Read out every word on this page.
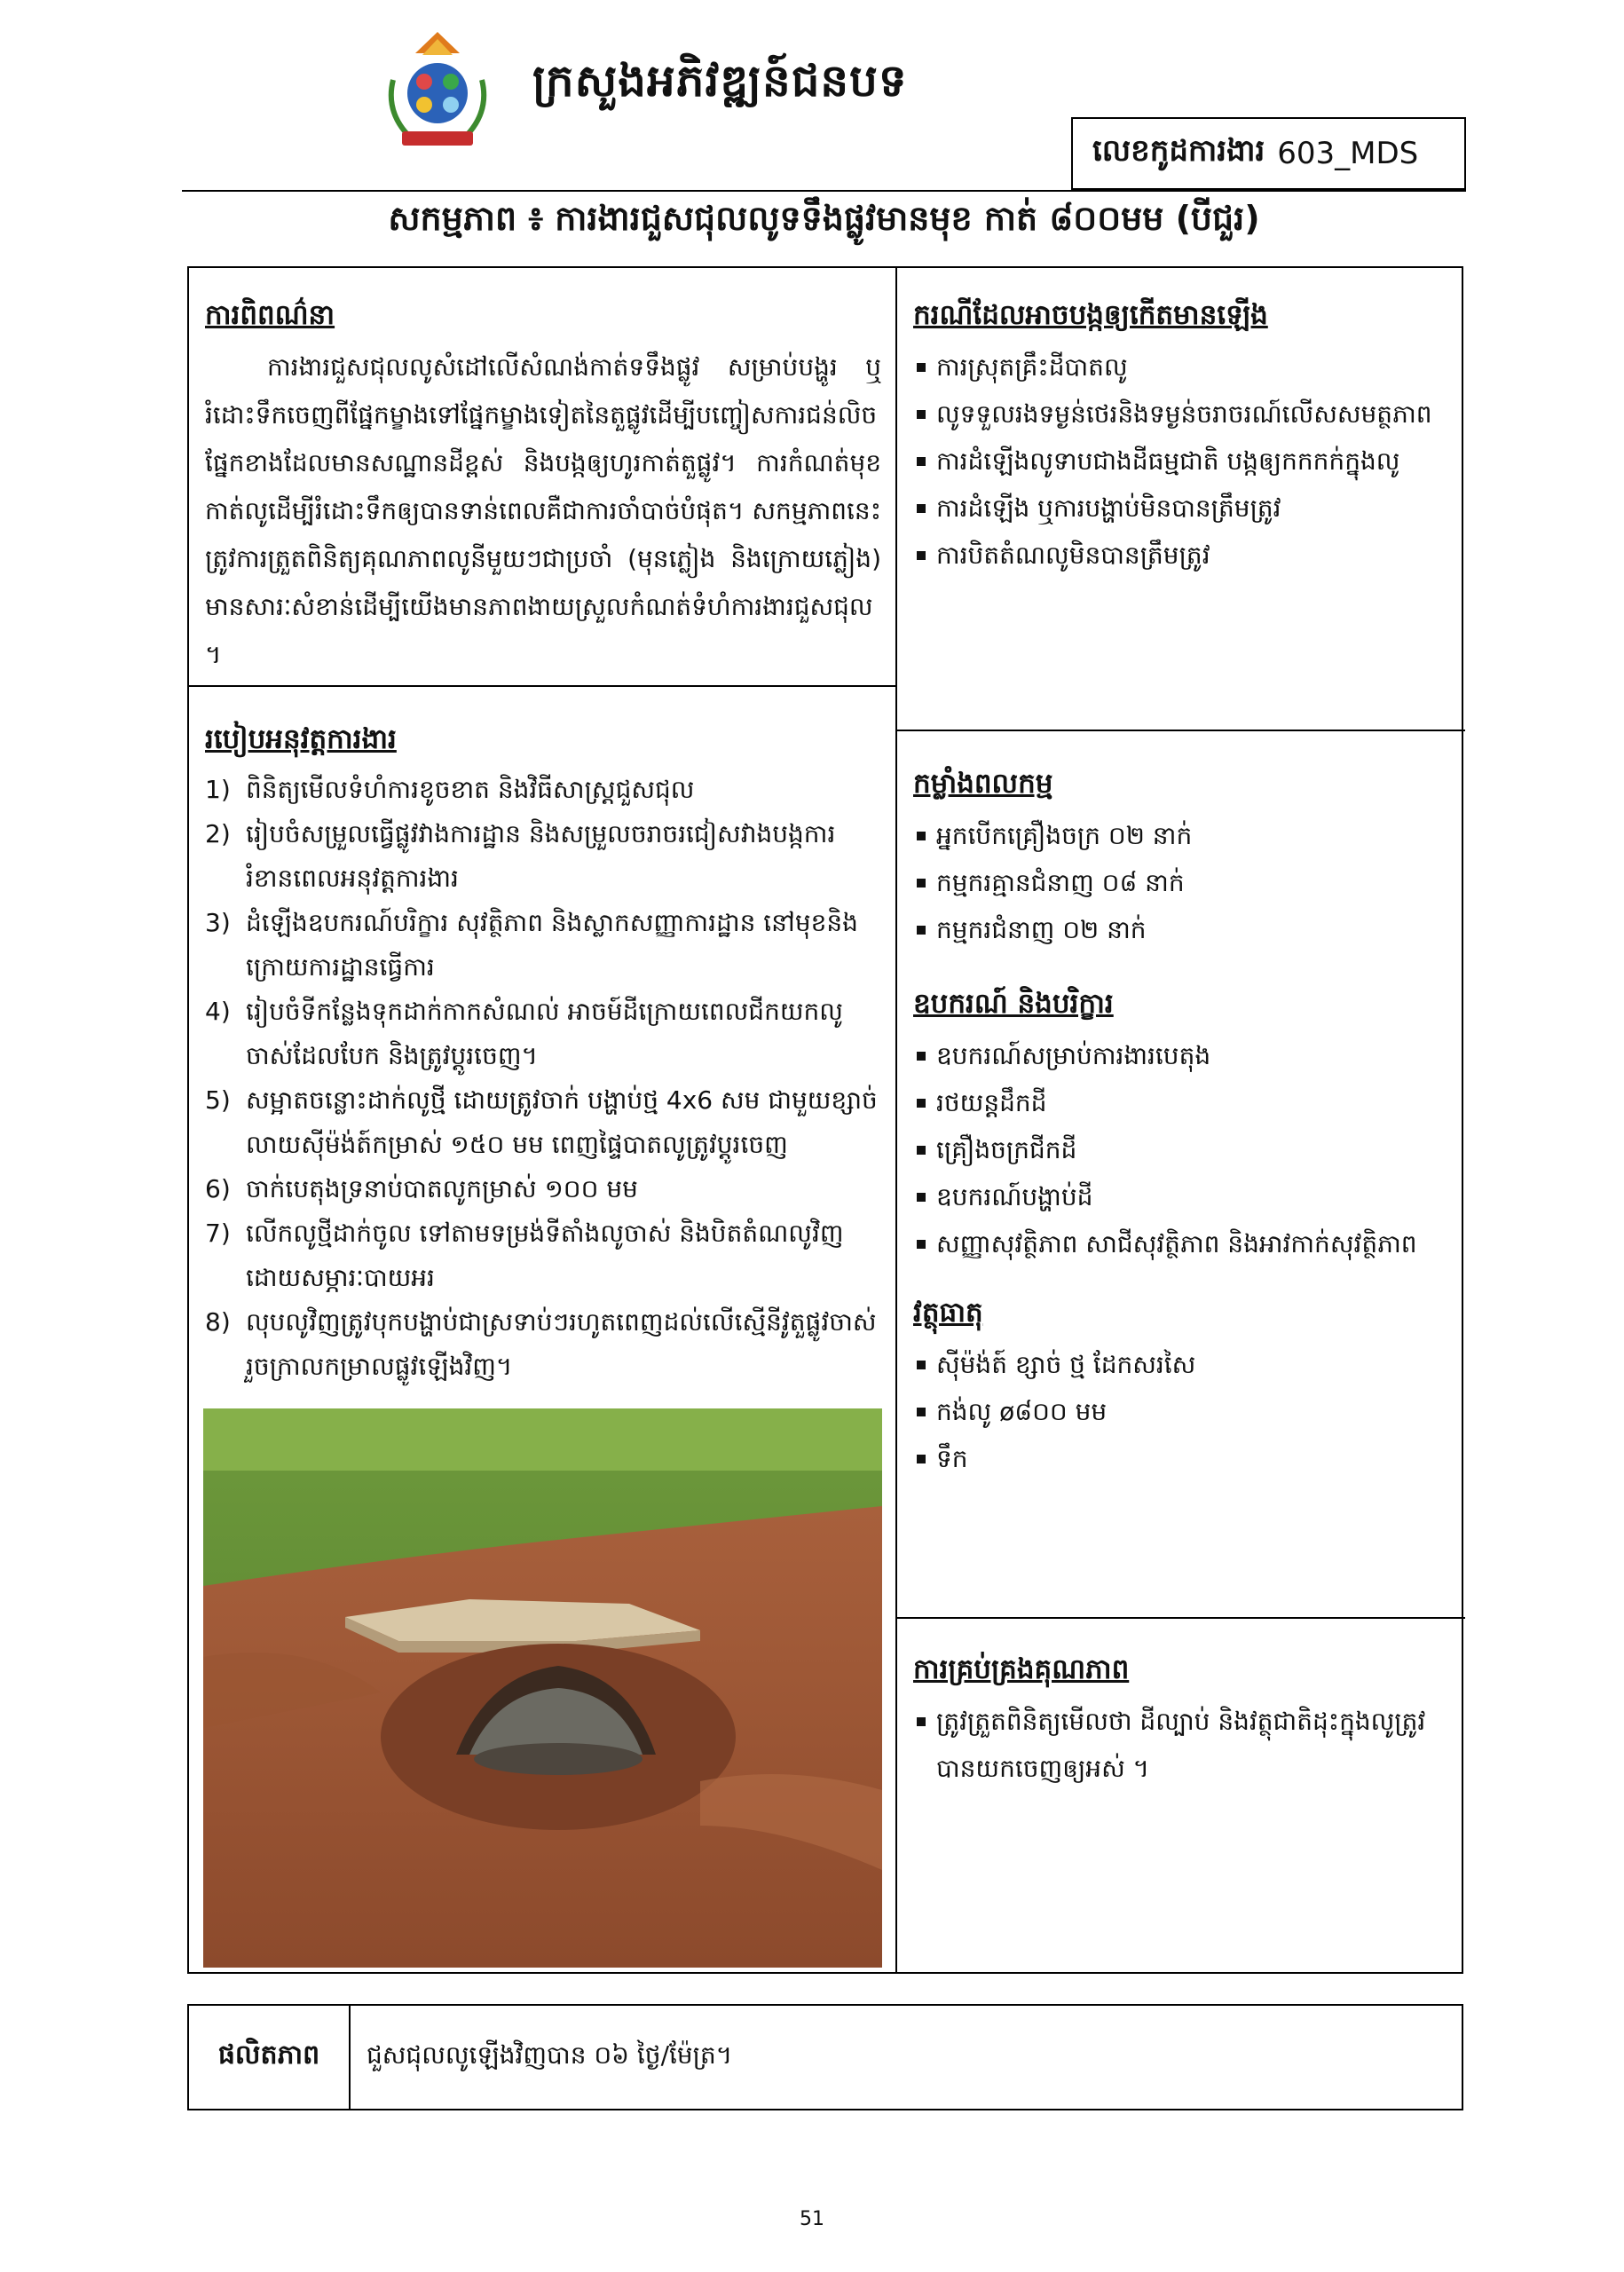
ក្រសួងអភិវឌ្ឍន៍ជនបទ
លេខកូដការងារ 603_MDS
សកម្មភាព ៖ ការងារជួសជុលលូទទឹងផ្លូវមានមុខ កាត់ ៨០០មម (បីជួរ)
ការពិពណ៌នា
ការងារជួសជុលលូសំដៅលើសំណង់កាត់ទទឹងផ្លូវ សម្រាប់បង្ហូរ ឬរំដោះទឹកចេញពីផ្នែកម្ខាងទៅផ្នែកម្ខាងទៀតនៃតួផ្លូវដើម្បីបញ្ចៀសការជន់លិចផ្នែកខាងដែលមានសណ្ឋានដីខ្ពស់ និងបង្កឲ្យហូរកាត់តួផ្លូវ។ ការកំណត់មុខកាត់លូដើម្បីរំដោះទឹកឲ្យបានទាន់ពេលគឺជាការចាំបាច់បំផុត។ សកម្មភាពនេះត្រូវការត្រួតពិនិត្យគុណភាពលូនីមួយៗជាប្រចាំ (មុនភ្លៀង និងក្រោយភ្លៀង) មានសារៈសំខាន់ដើម្បីយើងមានភាពងាយស្រួលកំណត់ទំហំការងារជួសជុល ។
របៀបអនុវត្តការងារ
1) ពិនិត្យមើលទំហំការខូចខាត និងវិធីសាស្ត្រជួសជុល
2) រៀបចំសម្រួលធ្វើផ្លូវវាងការដ្ឋាន និងសម្រួលចរាចរជៀសវាងបង្កការរំខានពេលអនុវត្តការងារ
3) ដំឡើងឧបករណ៍បរិក្ខារ សុវត្ថិភាព និងស្លាកសញ្ញាការដ្ឋាន នៅមុខនិងក្រោយការដ្ឋានធ្វើការ
4) រៀបចំទីកន្លែងទុកដាក់កាកសំណល់ អាចម៍ដីក្រោយពេលជីកយកលូចាស់ដែលបែក និងត្រូវប្តូរចេញ។
5) សម្អាតចន្លោះដាក់លូថ្មី ដោយត្រូវចាក់ បង្ហាប់ថ្ម 4x6 សម ជាមួយខ្សាច់លាយស៊ីម៉ង់ត៍កម្រាស់ ១៥០ មម ពេញផ្ទៃបាតលូត្រូវប្តូរចេញ
6) ចាក់បេតុងទ្រនាប់បាតលូកម្រាស់ ១០០ មម
7) លើកលូថ្មីដាក់ចូល ទៅតាមទម្រង់ទីតាំងលូចាស់ និងបិតតំណលូវិញដោយសម្ភារៈបាយអរ
8) លុបលូវិញត្រូវបុកបង្ហាប់ជាស្រទាប់ៗរហូតពេញដល់លើស្មើនីវូតួផ្លូវចាស់ រួចក្រាលកម្រាលផ្លូវឡើងវិញ។
ករណីដែលអាចបង្កឲ្យកើតមានឡើង
ការស្រុតគ្រឹះដីបាតលូ
លូទទួលរងទម្ងន់ថេរនិងទម្ងន់ចរាចរណ៍លើសសមត្ថភាព
ការដំឡើងលូទាបជាងដីធម្មជាតិ បង្កឲ្យកកកក់ក្នុងលូ
ការដំឡើង ឬការបង្ហាប់មិនបានត្រឹមត្រូវ
ការបិតតំណលូមិនបានត្រឹមត្រូវ
កម្លាំងពលកម្ម
អ្នកបើកគ្រឿងចក្រ ០២ នាក់
កម្មករគ្មានជំនាញ ០៨ នាក់
កម្មករជំនាញ ០២ នាក់
ឧបករណ៍ និងបរិក្ខារ
ឧបករណ៍សម្រាប់ការងារបេតុង
រថយន្តដឹកដី
គ្រឿងចក្រជីកដី
ឧបករណ៍បង្ហាប់ដី
សញ្ញាសុវត្ថិភាព សាជីសុវត្ថិភាព និងអាវកាក់សុវត្ថិភាព
វត្ថុធាតុ
ស៊ីម៉ង់ត៍ ខ្សាច់ ថ្ម ដែកសរសៃ
កង់លូ ø៨០០ មម
ទឹក
ការគ្រប់គ្រងគុណភាព
ត្រូវត្រួតពិនិត្យមើលថា ដីល្បាប់ និងវត្ថុជាតិដុះក្នុងលូត្រូវបានយកចេញឲ្យអស់ ។
ផលិតភាព	ជួសជុលលូឡើងវិញបាន ០៦ ថ្ងៃ/ម៉ែត្រ។
51
